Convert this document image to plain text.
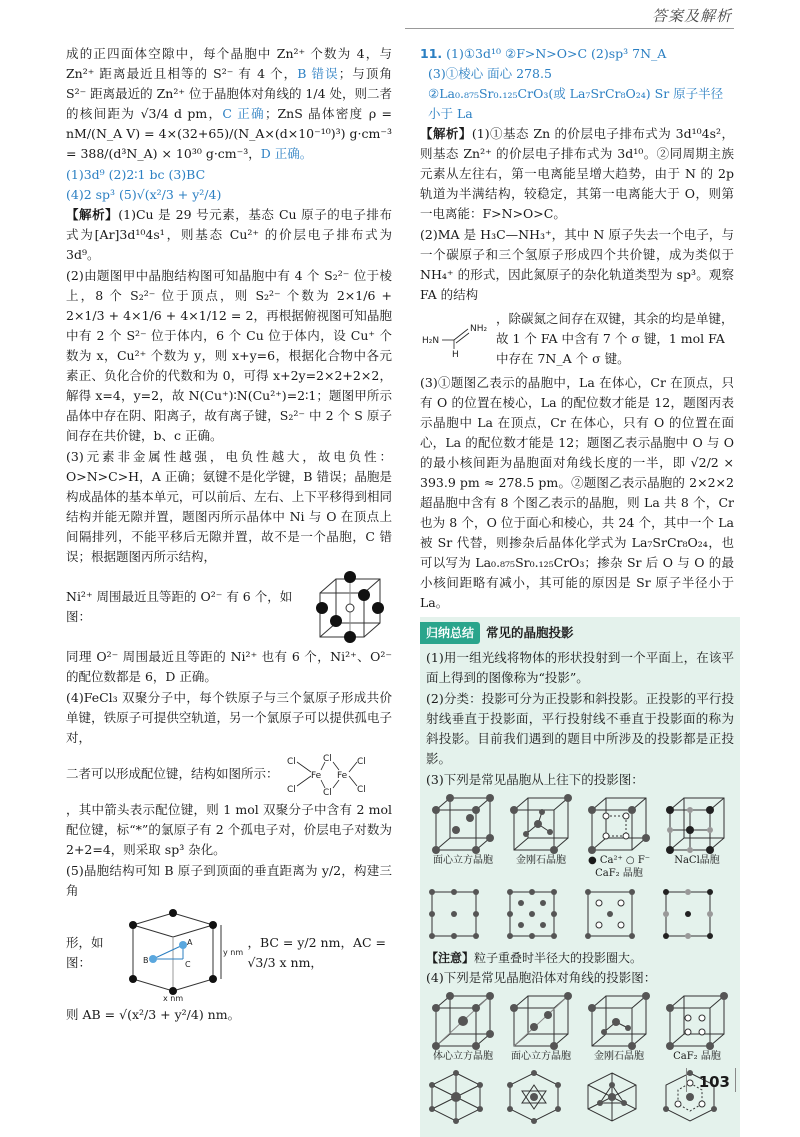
答案及解析

成的正四面体空隙中，每个晶胞中 Zn²⁺ 个数为 4，与 Zn²⁺ 距离最近且相等的 S²⁻ 有 4 个，B 错误；与顶角 S²⁻ 距离最近的 Zn²⁺ 位于晶胞体对角线的 1/4 处，则二者的核间距为 √3/4 d pm，C 正确；ZnS 晶体密度 ρ = nM/(N_A V) = 4×(32+65)/(N_A×(d×10⁻¹⁰)³) g·cm⁻³ = 388/(d³N_A) × 10³⁰ g·cm⁻³，D 正确。

(1)3d⁹ (2)2∶1 bc (3)BC
(4)2 sp³ (5)√(x²/3 + y²/4)

【解析】(1)Cu 是 29 号元素，基态 Cu 原子的电子排布式为[Ar]3d¹⁰4s¹，则基态 Cu²⁺ 的价层电子排布式为 3d⁹。

(2)由题图甲中晶胞结构图可知晶胞中有 4 个 S₂²⁻ 位于棱上，8 个 S₂²⁻ 位于顶点，则 S₂²⁻ 个数为 2×1/6 + 2×1/3 + 4×1/6 + 4×1/12 = 2，再根据俯视图可知晶胞中有 2 个 S²⁻ 位于体内，6 个 Cu 位于体内，设 Cu⁺ 个数为 x，Cu²⁺ 个数为 y，则 x+y=6，根据化合物中各元素正、负化合价的代数和为 0，可得 x+2y=2×2+2×2，解得 x=4，y=2，故 N(Cu⁺)∶N(Cu²⁺)=2∶1；题图甲所示晶体中存在阴、阳离子，故有离子键，S₂²⁻ 中 2 个 S 原子间存在共价键，b、c 正确。

(3)元素非金属性越强，电负性越大，故电负性：O>N>C>H，A 正确；氨键不是化学键，B 错误；晶胞是构成晶体的基本单元，可以前后、左右、上下平移得到相同结构并能无隙并置，题图丙所示晶体中 Ni 与 O 在顶点上间隔排列，不能平移后无隙并置，故不是一个晶胞，C 错误；根据题图丙所示结构，

Ni²⁺ 周围最近且等距的 O²⁻ 有 6 个，如图：

同理 O²⁻ 周围最近且等距的 Ni²⁺ 也有 6 个，Ni²⁺、O²⁻ 的配位数都是 6，D 正确。

(4)FeCl₃ 双聚分子中，每个铁原子与三个氯原子形成共价单键，铁原子可提供空轨道，另一个氯原子可以提供孤电子对，

二者可以形成配位键，结构如图所示：
Cl
Cl
Fe Fe
Cl
Cl
Cl
Cl

，其中箭头表示配位键，则 1 mol 双聚分子中含有 2 mol 配位键，标“*”的氯原子有 2 个孤电子对，价层电子对数为 2+2=4，则采取 sp³ 杂化。

(5)晶胞结构可知 B 原子到顶面的垂直距离为 y/2，构建三角

形，如图：	B
A
C
y nm
x nm
，BC = y/2 nm，AC = √3/3 x nm，

则 AB = √(x²/3 + y²/4) nm。

11. (1)①3d¹⁰ ②F>N>O>C (2)sp³ 7N_A
(3)①棱心 面心 278.5
②La₀.₈₇₅Sr₀.₁₂₅CrO₃(或 La₇SrCr₈O₂₄) Sr 原子半径小于 La

【解析】(1)①基态 Zn 的价层电子排布式为 3d¹⁰4s²，则基态 Zn²⁺ 的价层电子排布式为 3d¹⁰。②同周期主族元素从左往右，第一电离能呈增大趋势，由于 N 的 2p 轨道为半满结构，较稳定，其第一电离能大于 O，则第一电离能：F>N>O>C。

(2)MA 是 H₃C—NH₃⁺，其中 N 原子失去一个电子，与一个碳原子和三个氢原子形成四个共价键，成为类似于 NH₄⁺ 的形式，因此氮原子的杂化轨道类型为 sp³。观察 FA 的结构

H₂N
NH₂
H
，除碳氮之间存在双键，其余的均是单键，故 1 个 FA 中含有 7 个 σ 键，1 mol FA 中存在 7N_A 个 σ 键。

(3)①题图乙表示的晶胞中，La 在体心，Cr 在顶点，只有 O 的位置在棱心，La 的配位数才能是 12，题图丙表示晶胞中 La 在顶点，Cr 在体心，只有 O 的位置在面心，La 的配位数才能是 12；题图乙表示晶胞中 O 与 O 的最小核间距为晶胞面对角线长度的一半，即 √2/2 × 393.9 pm ≈ 278.5 pm。②题图乙表示晶胞的 2×2×2 超晶胞中含有 8 个图乙表示的晶胞，则 La 共 8 个，Cr 也为 8 个，O 位于面心和棱心，共 24 个，其中一个 La 被 Sr 代替，则掺杂后晶体化学式为 La₇SrCr₈O₂₄，也可以写为 La₀.₈₇₅Sr₀.₁₂₅CrO₃；掺杂 Sr 后 O 与 O 的最小核间距略有减小，其可能的原因是 Sr 原子半径小于 La。

归纳总结 常见的晶胞投影

(1)用一组光线将物体的形状投射到一个平面上，在该平面上得到的图像称为“投影”。

(2)分类：投影可分为正投影和斜投影。正投影的平行投射线垂直于投影面，平行投射线不垂直于投影面的称为斜投影。目前我们遇到的题目中所涉及的投影都是正投影。

(3)下列是常见晶胞从上往下的投影图：

面心立方晶胞	金刚石晶胞	● Ca²⁺ ○ F⁻
CaF₂ 晶胞
NaCl晶胞
【注意】粒子重叠时半径大的投影圈大。

(4)下列是常见晶胞沿体对角线的投影图：

体心立方晶胞	面心立方晶胞	金刚石晶胞	CaF₂ 晶胞
103
